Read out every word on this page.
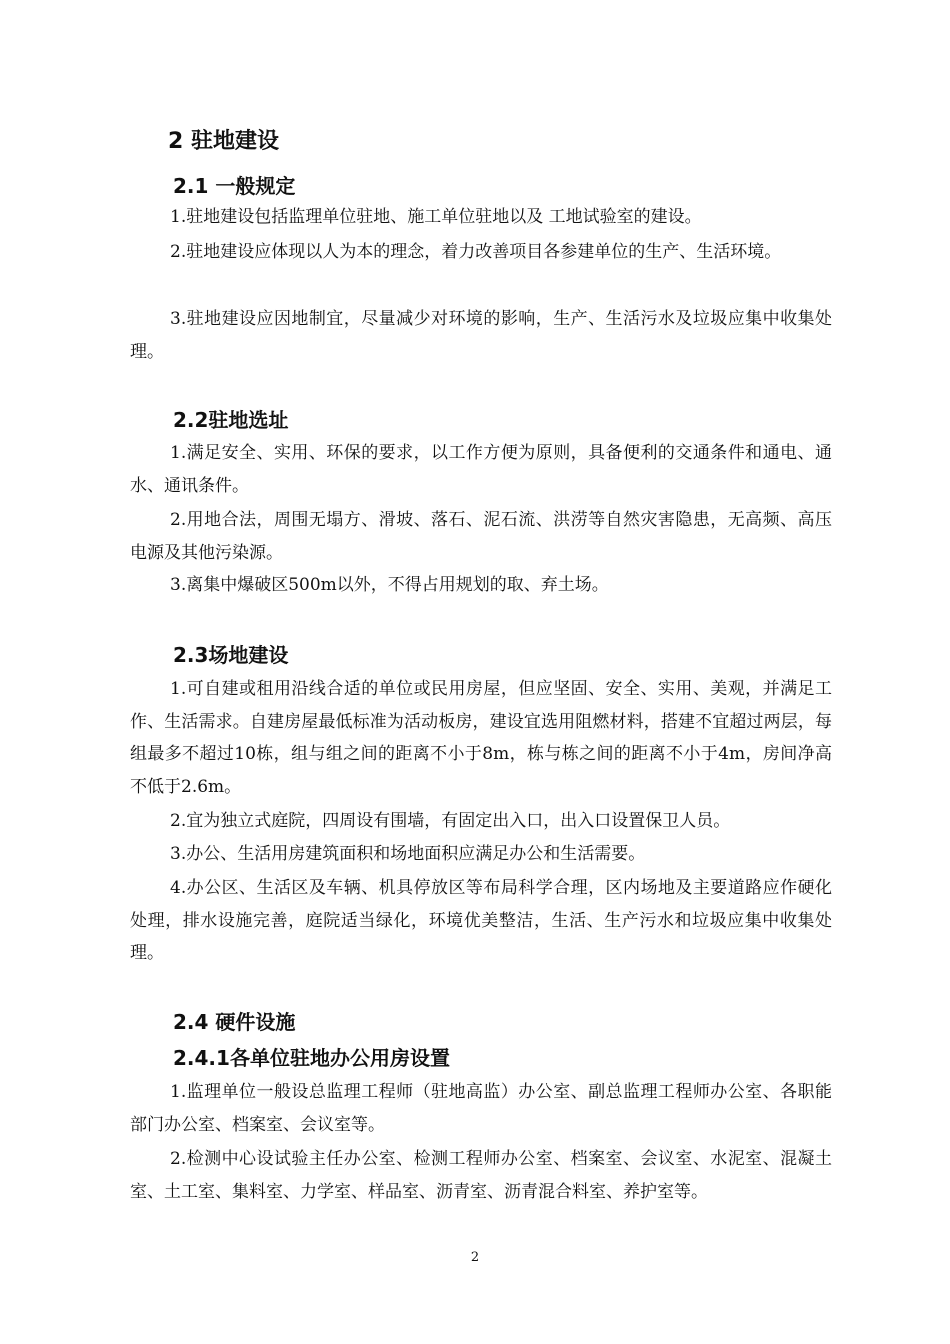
2 驻地建设
2.1 一般规定

1.驻地建设包括监理单位驻地、施工单位驻地以及 工地试验室的建设。

2.驻地建设应体现以人为本的理念，着力改善项目各参建单位的生产、生活环境。

3.驻地建设应因地制宜，尽量减少对环境的影响，生产、生活污水及垃圾应集中收集处理。

2.2驻地选址

1.满足安全、实用、环保的要求，以工作方便为原则，具备便利的交通条件和通电、通水、通讯条件。

2.用地合法，周围无塌方、滑坡、落石、泥石流、洪涝等自然灾害隐患，无高频、高压电源及其他污染源。

3.离集中爆破区500m以外，不得占用规划的取、弃土场。

2.3场地建设

1.可自建或租用沿线合适的单位或民用房屋，但应坚固、安全、实用、美观，并满足工作、生活需求。自建房屋最低标准为活动板房，建设宜选用阻燃材料，搭建不宜超过两层，每组最多不超过10栋，组与组之间的距离不小于8m，栋与栋之间的距离不小于4m，房间净高不低于2.6m。

2.宜为独立式庭院，四周设有围墙，有固定出入口，出入口设置保卫人员。

3.办公、生活用房建筑面积和场地面积应满足办公和生活需要。

4.办公区、生活区及车辆、机具停放区等布局科学合理，区内场地及主要道路应作硬化处理，排水设施完善，庭院适当绿化，环境优美整洁，生活、生产污水和垃圾应集中收集处理。

2.4 硬件设施
2.4.1各单位驻地办公用房设置

1.监理单位一般设总监理工程师（驻地高监）办公室、副总监理工程师办公室、各职能部门办公室、档案室、会议室等。

2.检测中心设试验主任办公室、检测工程师办公室、档案室、会议室、水泥室、混凝土室、土工室、集料室、力学室、样品室、沥青室、沥青混合料室、养护室等。

2
